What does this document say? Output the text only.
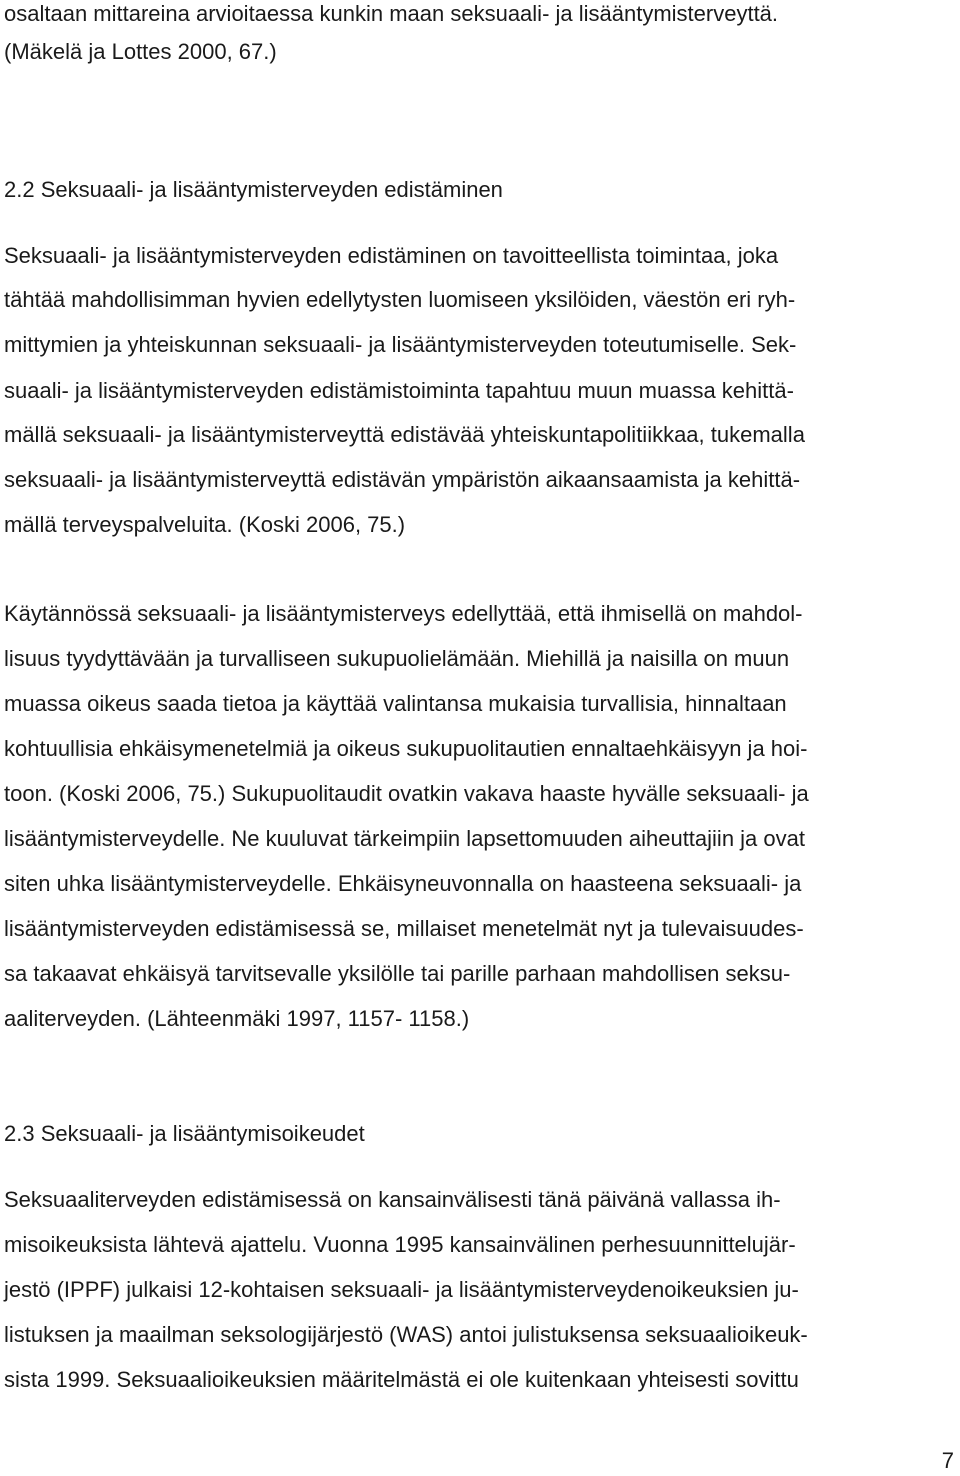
osaltaan mittareina arvioitaessa kunkin maan seksuaali- ja lisääntymisterveyttä.
(Mäkelä ja Lottes 2000, 67.)
2.2 Seksuaali- ja lisääntymisterveyden edistäminen
Seksuaali- ja lisääntymisterveyden edistäminen on tavoitteellista toimintaa, joka
tähtää mahdollisimman hyvien edellytysten luomiseen yksilöiden, väestön eri ryh-
mittymien ja yhteiskunnan seksuaali- ja lisääntymisterveyden toteutumiselle. Sek-
suaali- ja lisääntymisterveyden edistämistoiminta tapahtuu muun muassa kehittä-
mällä seksuaali- ja lisääntymisterveyttä edistävää yhteiskuntapolitiikkaa, tukemalla
seksuaali- ja lisääntymisterveyttä edistävän ympäristön aikaansaamista ja kehittä-
mällä terveyspalveluita. (Koski 2006, 75.)
Käytännössä seksuaali- ja lisääntymisterveys edellyttää, että ihmisellä on mahdol-
lisuus tyydyttävään ja turvalliseen sukupuolielämään. Miehillä ja naisilla on muun
muassa oikeus saada tietoa ja käyttää valintansa mukaisia turvallisia, hinnaltaan
kohtuullisia ehkäisymenetelmiä ja oikeus sukupuolitautien ennaltaehkäisyyn ja hoi-
toon. (Koski 2006, 75.) Sukupuolitaudit ovatkin vakava haaste hyvälle seksuaali- ja
lisääntymisterveydelle. Ne kuuluvat tärkeimpiin lapsettomuuden aiheuttajiin ja ovat
siten uhka lisääntymisterveydelle. Ehkäisyneuvonnalla on haasteena seksuaali- ja
lisääntymisterveyden edistämisessä se, millaiset menetelmät nyt ja tulevaisuudes-
sa takaavat ehkäisyä tarvitsevalle yksilölle tai parille parhaan mahdollisen seksu-
aaliterveyden. (Lähteenmäki 1997, 1157- 1158.)
2.3 Seksuaali- ja lisääntymisoikeudet
Seksuaaliterveyden edistämisessä on kansainvälisesti tänä päivänä vallassa ih-
misoikeuksista lähtevä ajattelu. Vuonna 1995 kansainvälinen perhesuunnittelujär-
jestö (IPPF) julkaisi 12-kohtaisen seksuaali- ja lisääntymisterveydenoikeuksien ju-
listuksen ja maailman seksologijärjestö (WAS) antoi julistuksensa seksuaalioikeuk-
sista 1999. Seksuaalioikeuksien määritelmästä ei ole kuitenkaan yhteisesti sovittu
7
